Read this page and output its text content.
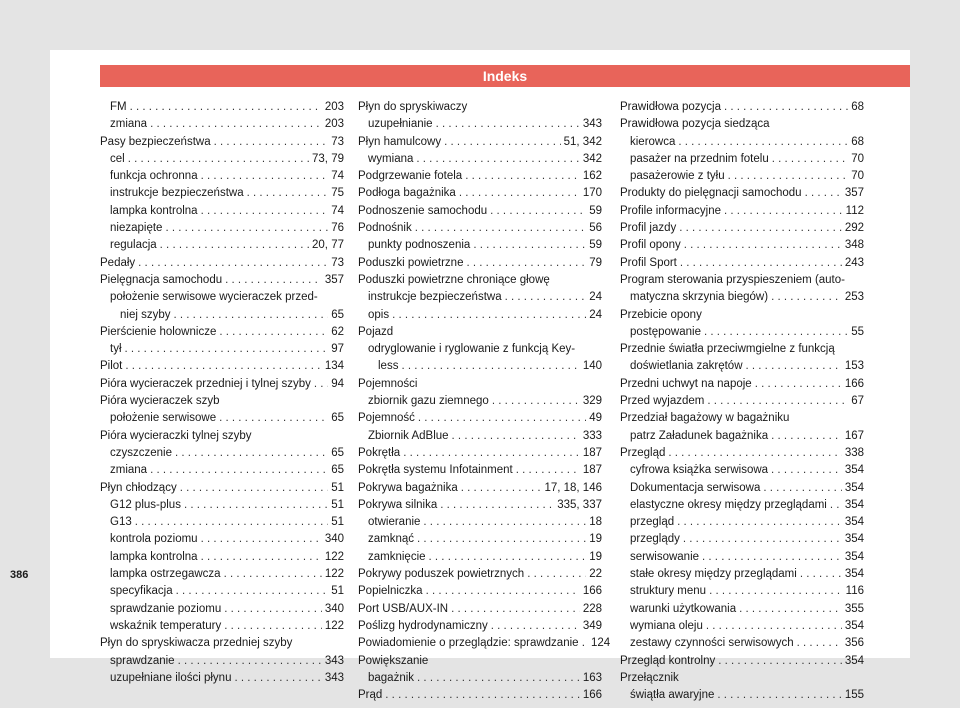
Indeks
FM . . .	203
zmiana . . .	203
Pasy bezpieczeństwa . . .	73
cel . . .	73, 79
funkcja ochronna . . .	74
instrukcje bezpieczeństwa . . .	75
lampka kontrolna . . .	74
niezapięte . . .	76
regulacja . . .	20, 77
Pedały . . .	73
Pielęgnacja samochodu . . .	357
położenie serwisowe wycieraczek przed-
niej szyby . . .	65
Pierścienie holownicze . . .	62
tył . . .	97
Pilot . . .	134
Pióra wycieraczek przedniej i tylnej szyby . . . 94
Pióra wycieraczek szyb
położenie serwisowe . . .	65
Pióra wycieraczki tylnej szyby
czyszczenie . . .	65
zmiana . . .	65
Płyn chłodzący . . .	51
G12 plus-plus . . .	51
G13 . . .	51
kontrola poziomu . . .	340
lampka kontrolna . . .	122
lampka ostrzegawcza . . .	122
specyfikacja . . .	51
sprawdzanie poziomu . . .	340
wskaźnik temperatury . . .	122
Płyn do spryskiwacza przedniej szyby
sprawdzanie . . .	343
uzupełniane ilości płynu . . .	343
Płyn do spryskiwaczy
uzupełnianie . . .	343
Płyn hamulcowy . . .	51, 342
wymiana . . .	342
Podgrzewanie fotela . . .	162
Podłoga bagażnika . . .	170
Podnoszenie samochodu . . .	59
Podnośnik . . .	56
punkty podnoszenia . . .	59
Poduszki powietrzne . . .	79
Poduszki powietrzne chroniące głowę
instrukcje bezpieczeństwa . . .	24
opis . . .	24
Pojazd
odryglowanie i ryglowanie z funkcją Key-
less . . .	140
Pojemności
zbiornik gazu ziemnego . . .	329
Pojemność . . .	49
Zbiornik AdBlue . . .	333
Pokrętła . . .	187
Pokrętła systemu Infotainment . . .	187
Pokrywa bagażnika . . .	17, 18, 146
Pokrywa silnika . . .	335, 337
otwieranie . . .	18
zamknąć . . .	19
zamknięcie . . .	19
Pokrywy poduszek powietrznych . . .	22
Popielniczka . . .	166
Port USB/AUX-IN . . .	228
Poślizg hydrodynamiczny . . .	349
Powiadomienie o przeglądzie: sprawdzanie . 124
Powiększanie
bagażnik . . .	163
Prąd . . .	166
Prawidłowa pozycja . . .	68
Prawidłowa pozycja siedząca
kierowca . . .	68
pasażer na przednim fotelu . . .	70
pasażerowie z tyłu . . .	70
Produkty do pielęgnacji samochodu . . .	357
Profile informacyjne . . .	112
Profil jazdy . . .	292
Profil opony . . .	348
Profil Sport . . .	243
Program sterowania przyspieszeniem (auto-
matyczna skrzynia biegów) . . .	253
Przebicie opony
postępowanie . . .	55
Przednie światła przeciwmgielne z funkcją
doświetlania zakrętów . . .	153
Przedni uchwyt na napoje . . .	166
Przed wyjazdem . . .	67
Przedział bagażowy w bagażniku
patrz Załadunek bagażnika . . .	167
Przegląd . . .	338
cyfrowa książka serwisowa . . .	354
Dokumentacja serwisowa . . .	354
elastyczne okresy między przeglądami . . . 354
przegląd . . .	354
przeglądy . . .	354
serwisowanie . . .	354
stałe okresy między przeglądami . . .	354
struktury menu . . .	116
warunki użytkowania . . .	355
wymiana oleju . . .	354
zestawy czynności serwisowych . . .	356
Przegląd kontrolny . . .	354
Przełącznik
świątła awaryjne . . .	155
386
